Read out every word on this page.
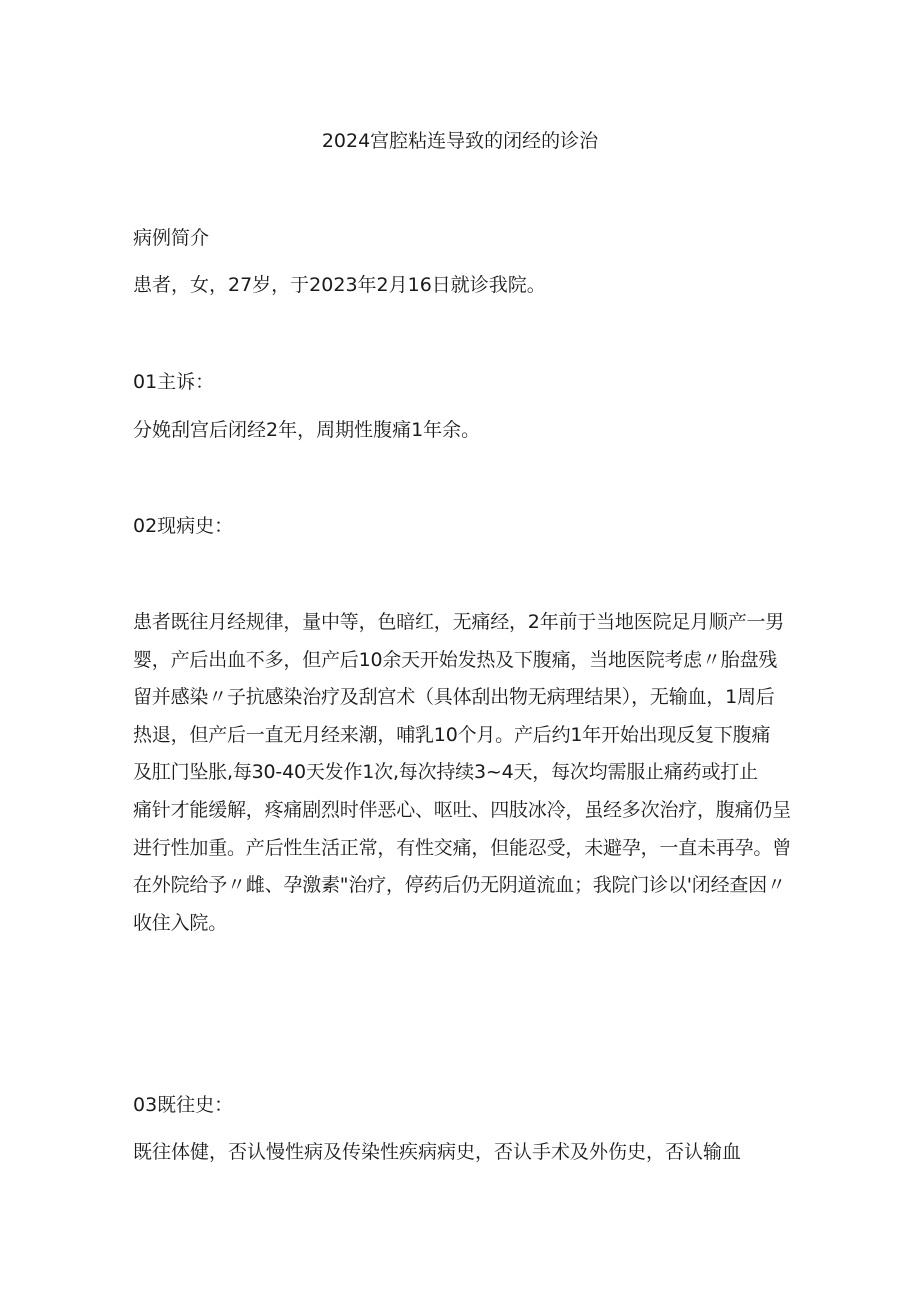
2024宫腔粘连导致的闭经的诊治
病例简介
患者，女，27岁，于2023年2月16日就诊我院。
01主诉：
分娩刮宫后闭经2年，周期性腹痛1年余。
02现病史：
患者既往月经规律，量中等，色暗红，无痛经，2年前于当地医院足月顺产一男
婴，产后出血不多，但产后10余天开始发热及下腹痛，当地医院考虑〃胎盘残
留并感染〃子抗感染治疗及刮宫术（具体刮出物无病理结果），无输血，1周后
热退，但产后一直无月经来潮，哺乳10个月。产后约1年开始出现反复下腹痛
及肛门坠胀,每30-40天发作1次,每次持续3~4天，每次均需服止痛药或打止
痛针才能缓解，疼痛剧烈时伴恶心、呕吐、四肢冰冷，虽经多次治疗，腹痛仍呈
进行性加重。产后性生活正常，有性交痛，但能忍受，未避孕，一直未再孕。曾
在外院给予〃雌、孕激素"治疗，停药后仍无阴道流血；我院门诊以'闭经查因〃
收住入院。
03既往史：
既往体健，否认慢性病及传染性疾病病史，否认手术及外伤史，否认输血
